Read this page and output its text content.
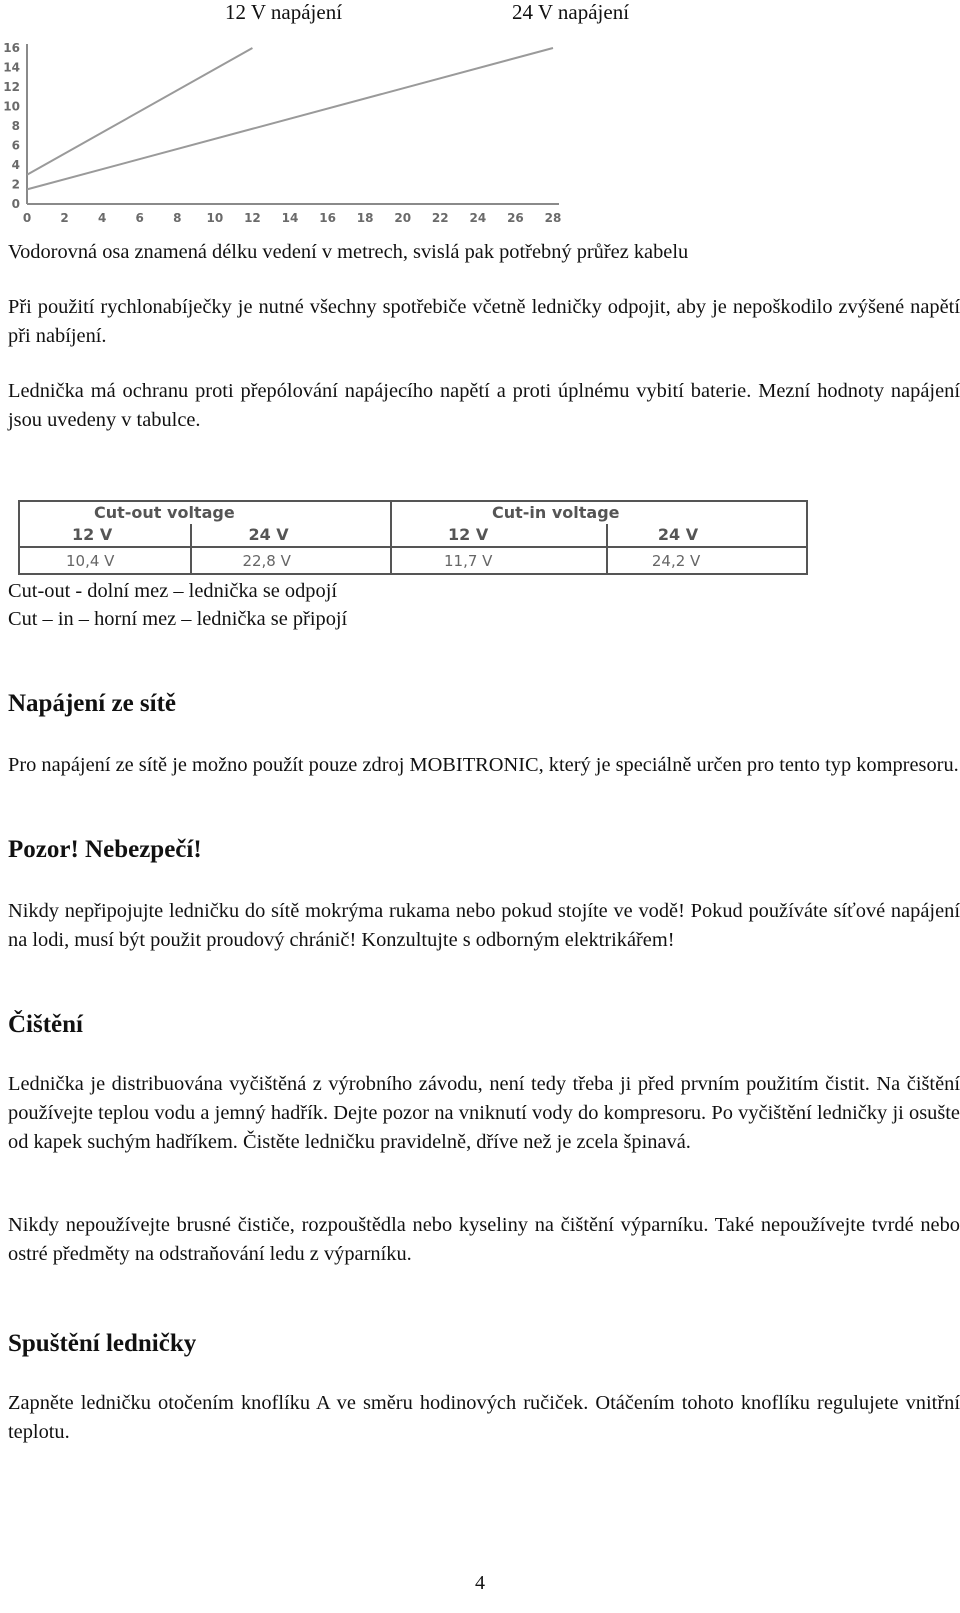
12 V napájení	24 V napájení
0 2 4 6 8 10 12 14 16 18 20 22 24 26 28
0
2
4
6
8
10
12
14
16

Vodorovná osa znamená délku vedení v metrech, svislá pak potřebný průřez kabelu

Při použití rychlonabíječky je nutné všechny spotřebiče včetně ledničky odpojit, aby je nepoškodilo zvýšené napětí při nabíjení.

Lednička má ochranu proti přepólování napájecího napětí a proti úplnému vybití baterie. Mezní hodnoty napájení jsou uvedeny v tabulce.

Cut-out voltage		Cut-in voltage	
12 V	24 V	12 V	24 V
10,4 V	22,8 V	11,7 V	24,2 V
Cut-out - dolní mez – lednička se odpojí
Cut – in – horní mez – lednička se připojí
Napájení ze sítě

Pro napájení ze sítě je možno použít pouze zdroj MOBITRONIC, který je speciálně určen pro tento typ kompresoru.

Pozor! Nebezpečí!

Nikdy nepřipojujte ledničku do sítě mokrýma rukama nebo pokud stojíte ve vodě! Pokud používáte síťové napájení na lodi, musí být použit proudový chránič! Konzultujte s odborným elektrikářem!

Čištění

Lednička je distribuována vyčištěná z výrobního závodu, není tedy třeba ji před prvním použitím čistit. Na čištění používejte teplou vodu a jemný hadřík. Dejte pozor na vniknutí vody do kompresoru. Po vyčištění ledničky ji osušte od kapek suchým hadříkem. Čistěte ledničku pravidelně, dříve než je zcela špinavá.

Nikdy nepoužívejte brusné čističe, rozpouštědla nebo kyseliny na čištění výparníku. Také nepoužívejte tvrdé nebo ostré předměty na odstraňování ledu z výparníku.

Spuštění ledničky

Zapněte ledničku otočením knoflíku A ve směru hodinových ručiček. Otáčením tohoto knoflíku regulujete vnitřní teplotu.

4
